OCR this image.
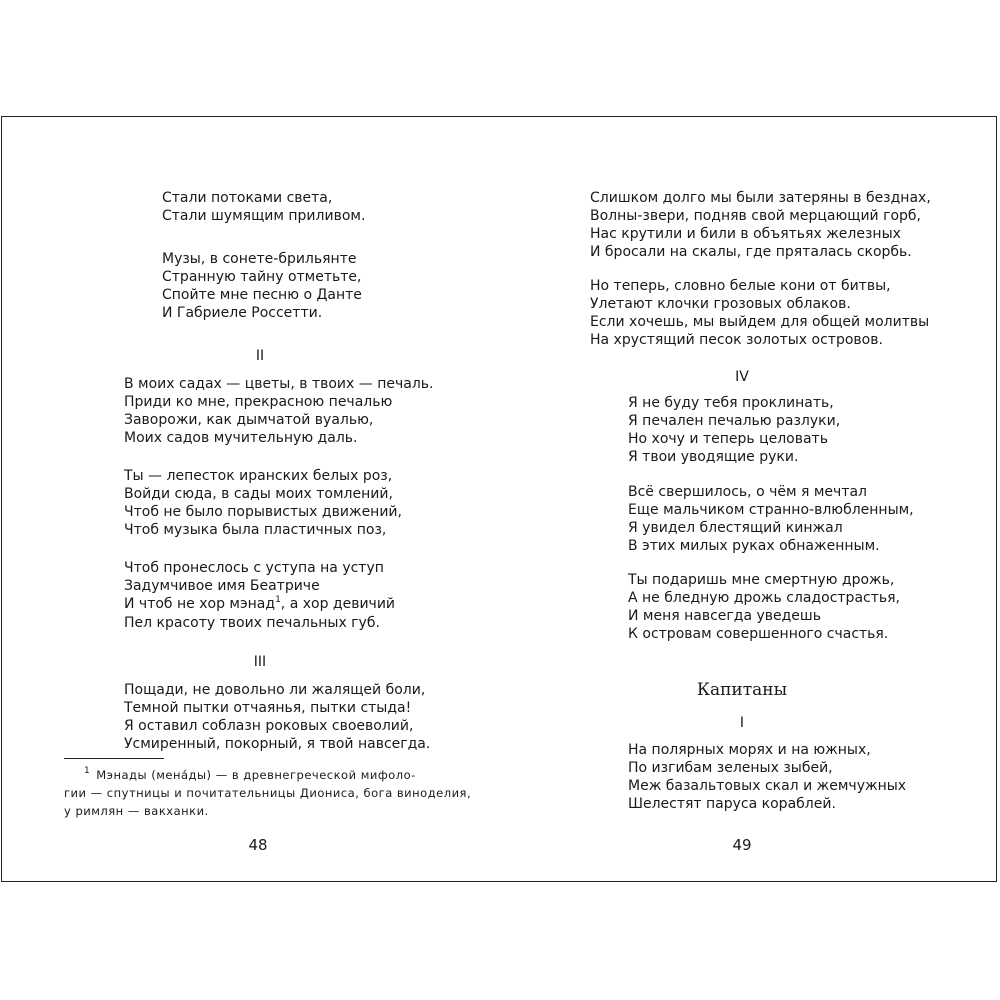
Стали потоками света,
Стали шумящим приливом.
Музы, в сонете-брильянте
Странную тайну отметьте,
Спойте мне песню о Данте
И Габриеле Россетти.
II
В моих садах — цветы, в твоих — печаль.
Приди ко мне, прекрасною печалью
Заворожи, как дымчатой вуалью,
Моих садов мучительную даль.
Ты — лепесток иранских белых роз,
Войди сюда, в сады моих томлений,
Чтоб не было порывистых движений,
Чтоб музыка была пластичных поз,
Чтоб пронеслось с уступа на уступ
Задумчивое имя Беатриче
И чтоб не хор мэнад$^1$, а хор девичий
Пел красоту твоих печальных губ.
III
Пощади, не довольно ли жалящей боли,
Темной пытки отчаянья, пытки стыда!
Я оставил соблазн роковых своеволий,
Усмиренный, покорный, я твой навсегда.
$^1$ Мэнады (мена́ды) — в древнегреческой мифоло-
гии — спутницы и почитательницы Диониса, бога виноделия,
у римлян — вакханки.
48
Слишком долго мы были затеряны в безднах,
Волны-звери, подняв свой мерцающий горб,
Нас крутили и били в объятьях железных
И бросали на скалы, где пряталась скорбь.
Но теперь, словно белые кони от битвы,
Улетают клочки грозовых облаков.
Если хочешь, мы выйдем для общей молитвы
На хрустящий песок золотых островов.
IV
Я не буду тебя проклинать,
Я печален печалью разлуки,
Но хочу и теперь целовать
Я твои уводящие руки.
Всё свершилось, о чём я мечтал
Еще мальчиком странно-влюбленным,
Я увидел блестящий кинжал
В этих милых руках обнаженным.
Ты подаришь мне смертную дрожь,
А не бледную дрожь сладострастья,
И меня навсегда уведешь
К островам совершенного счастья.
Капитаны
I
На полярных морях и на южных,
По изгибам зеленых зыбей,
Меж базальтовых скал и жемчужных
Шелестят паруса кораблей.
49
